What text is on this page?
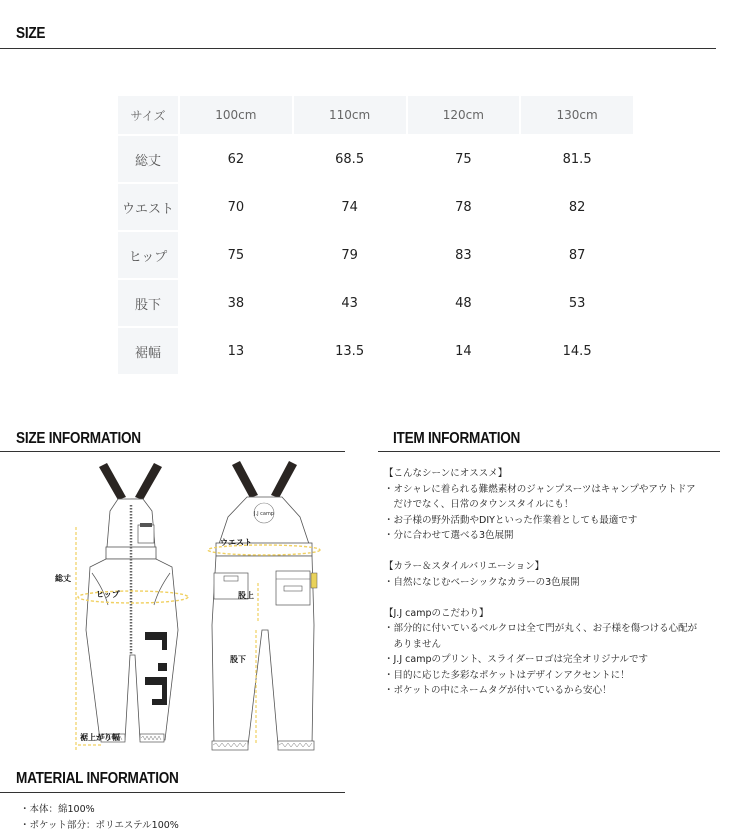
SIZE
サイズ	100cm	110cm	120cm	130cm
総丈	62	68.5	75	81.5
ウエスト	70	74	78	82
ヒップ	75	79	83	87
股下	38	43	48	53
裾幅	13	13.5	14	14.5
SIZE INFORMATION	ITEM INFORMATION
J.J camp
総丈
ヒップ
裾上がり幅
ウエスト
股上
股下

【こんなシーンにオススメ】

・オシャレに着られる難燃素材のジャンプスーツはキャンプやアウトドア

　だけでなく、日常のタウンスタイルにも！

・お子様の野外活動やDIYといった作業着としても最適です

・分に合わせて選べる3色展開

【カラー＆スタイルバリエーション】

・自然になじむベーシックなカラーの3色展開

【J.J campのこだわり】

・部分的に付いているベルクロは全て門が丸く、お子様を傷つける心配が

　ありません

・J.J campのプリント、スライダーロゴは完全オリジナルです

・目的に応じた多彩なポケットはデザインアクセントに！

・ポケットの中にネームタグが付いているから安心！

MATERIAL INFORMATION

・本体：綿100%

・ポケット部分：ポリエステル100%
